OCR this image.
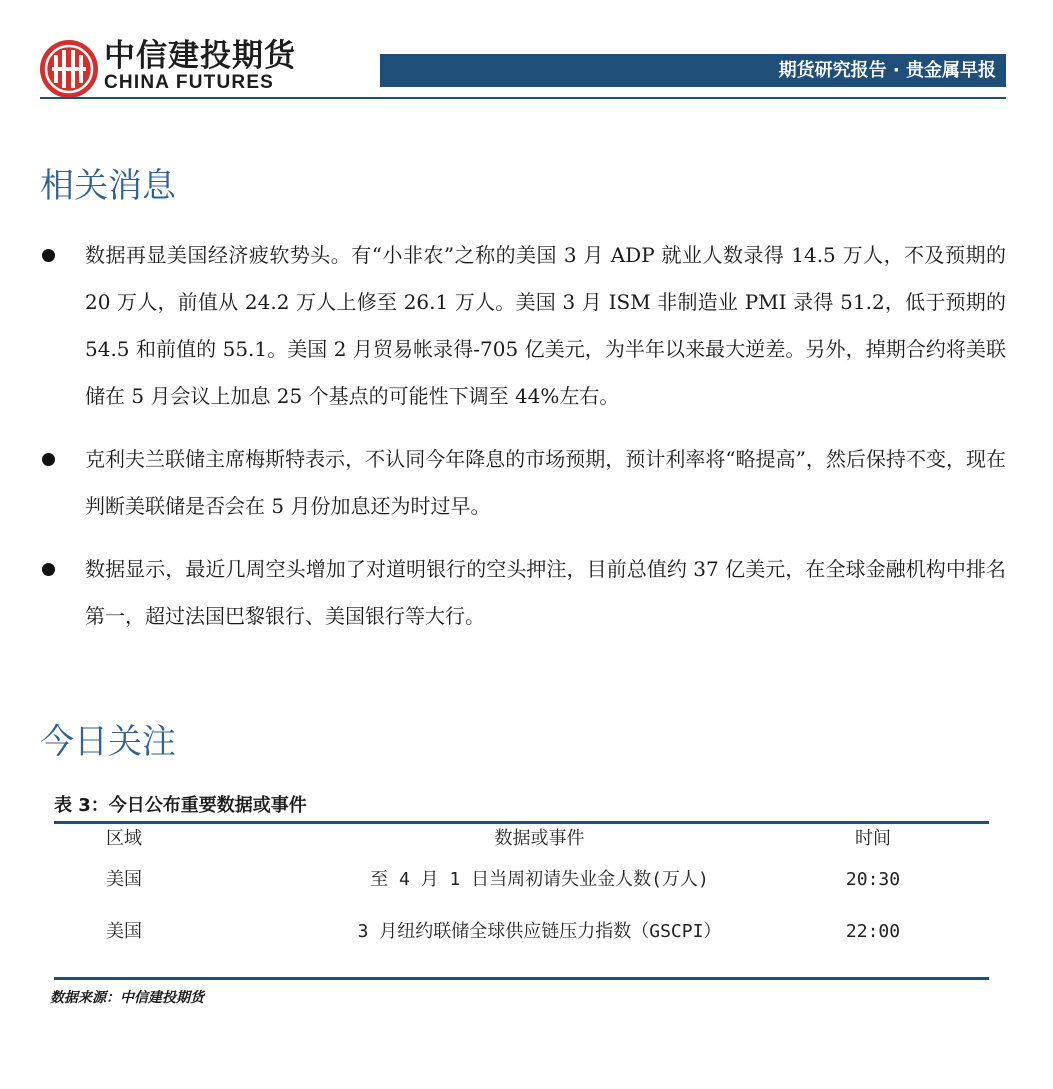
中信建投期货
CHINA FUTURES
期货研究报告 · 贵金属早报
相关消息
数据再显美国经济疲软势头。有“小非农”之称的美国 3 月 ADP 就业人数录得 14.5 万人，不及预期的 20 万人，前值从 24.2 万人上修至 26.1 万人。美国 3 月 ISM 非制造业 PMI 录得 51.2，低于预期的 54.5 和前值的 55.1。美国 2 月贸易帐录得-705 亿美元，为半年以来最大逆差。另外，掉期合约将美联储在 5 月会议上加息 25 个基点的可能性下调至 44%左右。
克利夫兰联储主席梅斯特表示，不认同今年降息的市场预期，预计利率将“略提高”，然后保持不变，现在判断美联储是否会在 5 月份加息还为时过早。
数据显示，最近几周空头增加了对道明银行的空头押注，目前总值约 37 亿美元，在全球金融机构中排名第一，超过法国巴黎银行、美国银行等大行。
今日关注
表 3：今日公布重要数据或事件
区域	数据或事件	时间
美国	至 4 月 1 日当周初请失业金人数(万人)	20:30
美国	3 月纽约联储全球供应链压力指数（GSCPI）	22:00
数据来源：中信建投期货
